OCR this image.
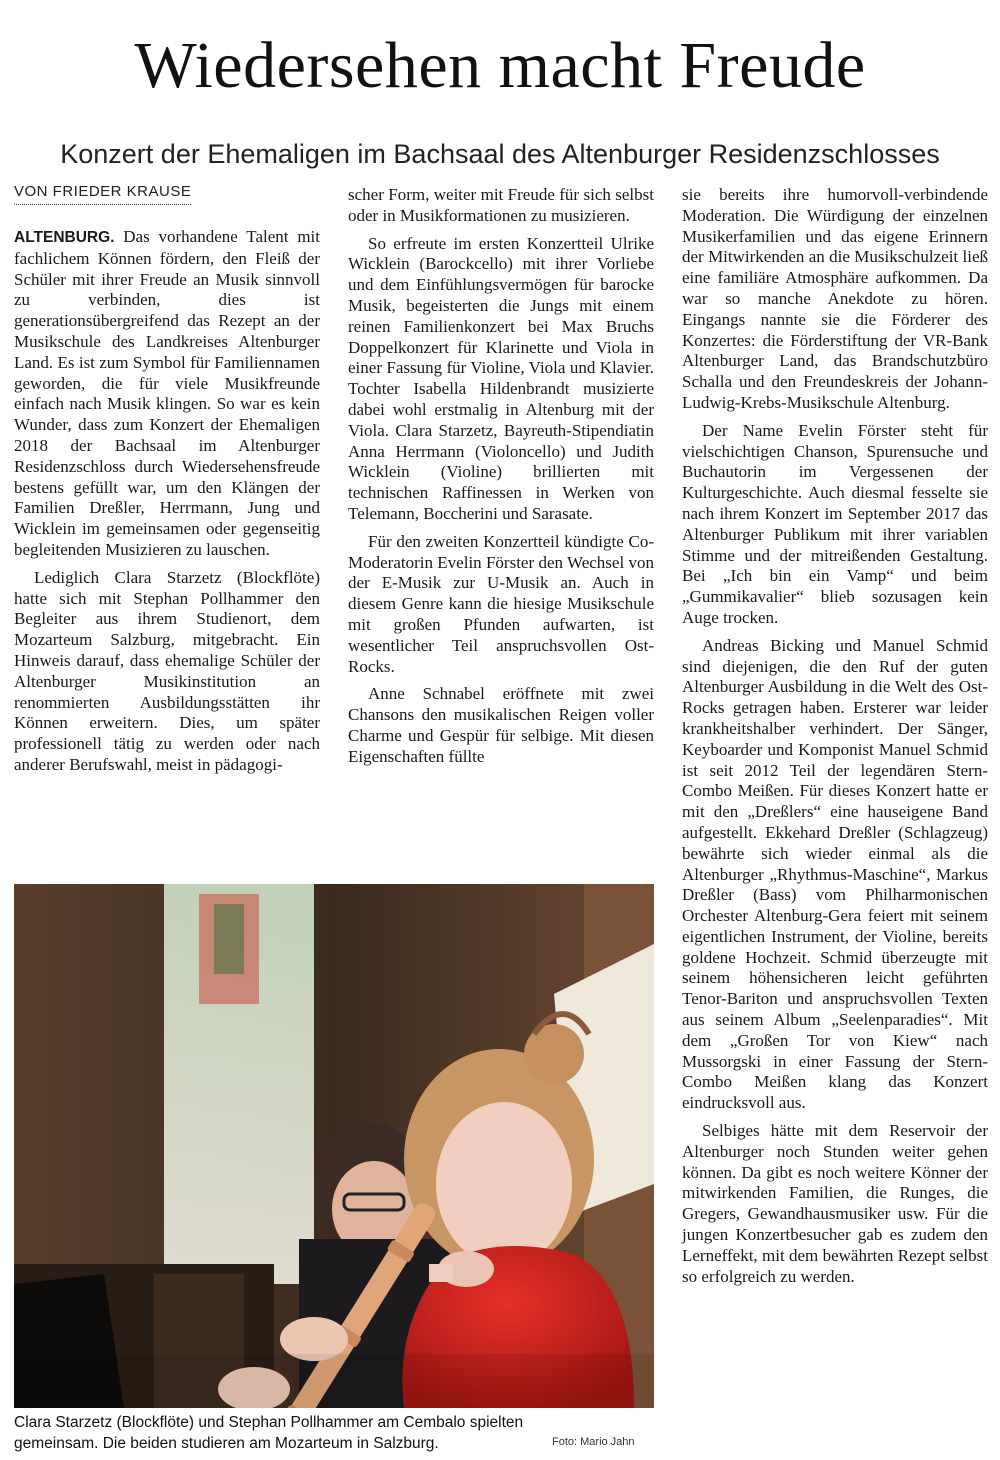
Wiedersehen macht Freude
Konzert der Ehemaligen im Bachsaal des Altenburger Residenzschlosses
VON FRIEDER KRAUSE

ALTENBURG. Das vorhandene Talent mit fachlichem Können fördern, den Fleiß der Schüler mit ihrer Freude an Musik sinnvoll zu verbinden, dies ist generationsübergreifend das Rezept an der Musikschule des Landkreises Altenburger Land. Es ist zum Symbol für Familiennamen geworden, die für viele Musikfreunde einfach nach Musik klingen. So war es kein Wunder, dass zum Konzert der Ehemaligen 2018 der Bachsaal im Altenburger Residenzschloss durch Wiedersehensfreude bestens gefüllt war, um den Klängen der Familien Dreßler, Herrmann, Jung und Wicklein im gemeinsamen oder gegenseitig begleitenden Musizieren zu lauschen.

Lediglich Clara Starzetz (Blockflöte) hatte sich mit Stephan Pollhammer den Begleiter aus ihrem Studienort, dem Mozarteum Salzburg, mitgebracht. Ein Hinweis darauf, dass ehemalige Schüler der Altenburger Musikinstitution an renommierten Ausbildungsstätten ihr Können erweitern. Dies, um später professionell tätig zu werden oder nach anderer Berufswahl, meist in pädagogi-

scher Form, weiter mit Freude für sich selbst oder in Musikformationen zu musizieren.

So erfreute im ersten Konzertteil Ulrike Wicklein (Barockcello) mit ihrer Vorliebe und dem Einfühlungsvermögen für barocke Musik, begeisterten die Jungs mit einem reinen Familienkonzert bei Max Bruchs Doppelkonzert für Klarinette und Viola in einer Fassung für Violine, Viola und Klavier. Tochter Isabella Hildenbrandt musizierte dabei wohl erstmalig in Altenburg mit der Viola. Clara Starzetz, Bayreuth-Stipendiatin Anna Herrmann (Violoncello) und Judith Wicklein (Violine) brillierten mit technischen Raffinessen in Werken von Telemann, Boccherini und Sarasate.

Für den zweiten Konzertteil kündigte Co-Moderatorin Evelin Förster den Wechsel von der E-Musik zur U-Musik an. Auch in diesem Genre kann die hiesige Musikschule mit großen Pfunden aufwarten, ist wesentlicher Teil anspruchsvollen Ost-Rocks.

Anne Schnabel eröffnete mit zwei Chansons den musikalischen Reigen voller Charme und Gespür für selbige. Mit diesen Eigenschaften füllte

sie bereits ihre humorvoll-verbindende Moderation. Die Würdigung der einzelnen Musikerfamilien und das eigene Erinnern der Mitwirkenden an die Musikschulzeit ließ eine familiäre Atmosphäre aufkommen. Da war so manche Anekdote zu hören. Eingangs nannte sie die Förderer des Konzertes: die Förderstiftung der VR-Bank Altenburger Land, das Brandschutzbüro Schalla und den Freundeskreis der Johann-Ludwig-Krebs-Musikschule Altenburg.

Der Name Evelin Förster steht für vielschichtigen Chanson, Spurensuche und Buchautorin im Vergessenen der Kulturgeschichte. Auch diesmal fesselte sie nach ihrem Konzert im September 2017 das Altenburger Publikum mit ihrer variablen Stimme und der mitreißenden Gestaltung. Bei „Ich bin ein Vamp“ und beim „Gummikavalier“ blieb sozusagen kein Auge trocken.

Andreas Bicking und Manuel Schmid sind diejenigen, die den Ruf der guten Altenburger Ausbildung in die Welt des Ost-Rocks getragen haben. Ersterer war leider krankheitshalber verhindert. Der Sänger, Keyboarder und Komponist Manuel Schmid ist seit 2012 Teil der legendären Stern-Combo Meißen. Für dieses Konzert hatte er mit den „Dreßlers“ eine hauseigene Band aufgestellt. Ekkehard Dreßler (Schlagzeug) bewährte sich wieder einmal als die Altenburger „Rhythmus-Maschine“, Markus Dreßler (Bass) vom Philharmonischen Orchester Altenburg-Gera feiert mit seinem eigentlichen Instrument, der Violine, bereits goldene Hochzeit. Schmid überzeugte mit seinem höhensicheren leicht geführten Tenor-Bariton und anspruchsvollen Texten aus seinem Album „Seelenparadies“. Mit dem „Großen Tor von Kiew“ nach Mussorgski in einer Fassung der Stern-Combo Meißen klang das Konzert eindrucksvoll aus.

Selbiges hätte mit dem Reservoir der Altenburger noch Stunden weiter gehen können. Da gibt es noch weitere Könner der mitwirkenden Familien, die Runges, die Gregers, Gewandhausmusiker usw. Für die jungen Konzertbesucher gab es zudem den Lerneffekt, mit dem bewährten Rezept selbst so erfolgreich zu werden.

Clara Starzetz (Blockflöte) und Stephan Pollhammer am Cembalo spielten gemeinsam. Die beiden studieren am Mozarteum in Salzburg.	Foto: Mario Jahn
